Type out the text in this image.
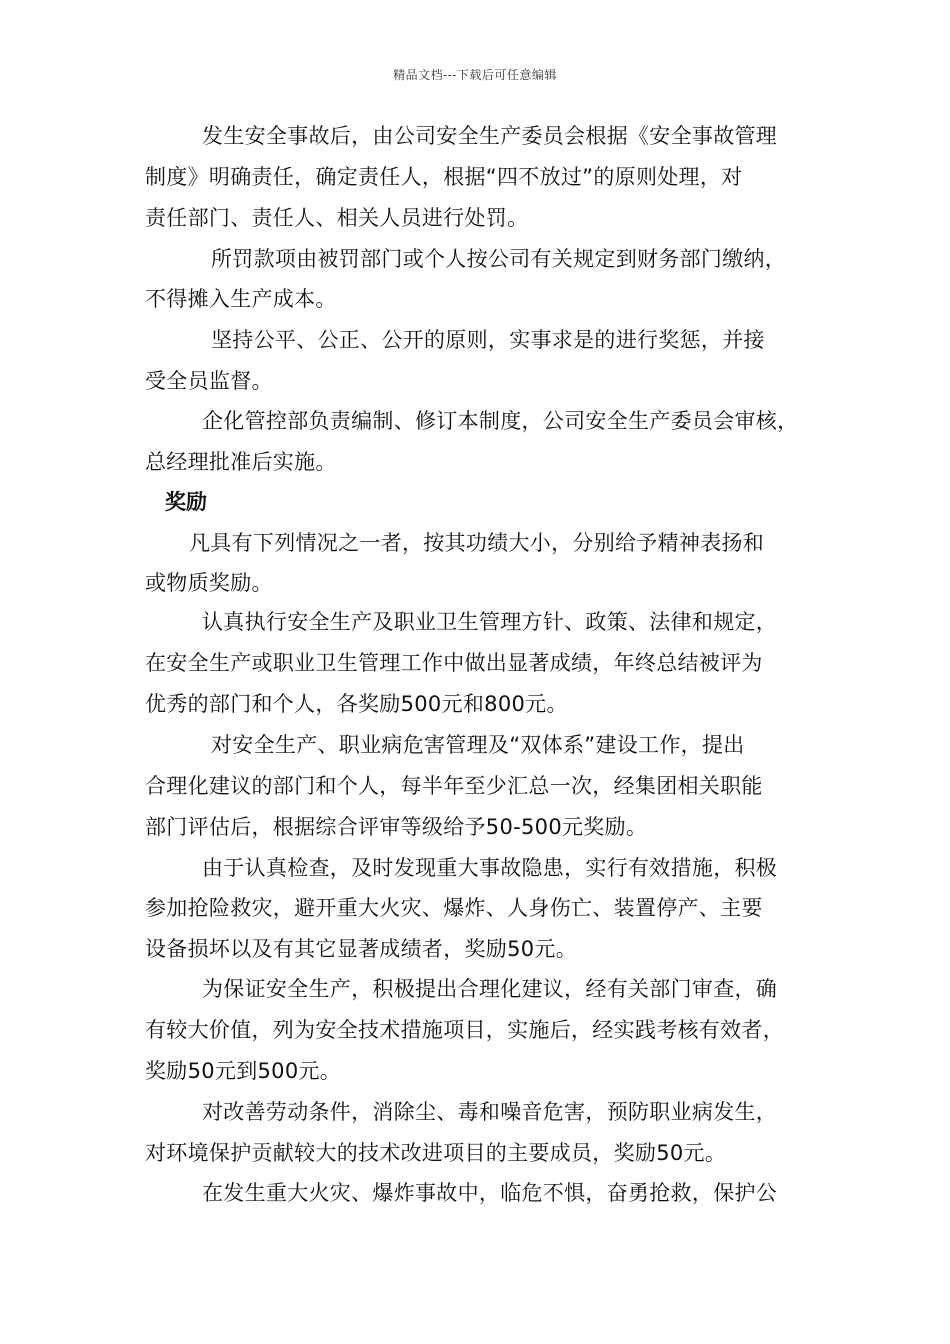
精品文档---下载后可任意编辑
发生安全事故后，由公司安全生产委员会根据《安全事故管理
制度》明确责任，确定责任人，根据“四不放过”的原则处理，对
责任部门、责任人、相关人员进行处罚。
所罚款项由被罚部门或个人按公司有关规定到财务部门缴纳，
不得摊入生产成本。
坚持公平、公正、公开的原则，实事求是的进行奖惩，并接
受全员监督。
企化管控部负责编制、修订本制度，公司安全生产委员会审核，
总经理批准后实施。
奖励
凡具有下列情况之一者，按其功绩大小，分别给予精神表扬和
或物质奖励。
认真执行安全生产及职业卫生管理方针、政策、法律和规定，
在安全生产或职业卫生管理工作中做出显著成绩，年终总结被评为
优秀的部门和个人，各奖励500元和800元。
对安全生产、职业病危害管理及“双体系”建设工作，提出
合理化建议的部门和个人，每半年至少汇总一次，经集团相关职能
部门评估后，根据综合评审等级给予50-500元奖励。
由于认真检查，及时发现重大事故隐患，实行有效措施，积极
参加抢险救灾，避开重大火灾、爆炸、人身伤亡、装置停产、主要
设备损坏以及有其它显著成绩者，奖励50元。
为保证安全生产，积极提出合理化建议，经有关部门审查，确
有较大价值，列为安全技术措施项目，实施后，经实践考核有效者，
奖励50元到500元。
对改善劳动条件，消除尘、毒和噪音危害，预防职业病发生，
对环境保护贡献较大的技术改进项目的主要成员，奖励50元。
在发生重大火灾、爆炸事故中，临危不惧，奋勇抢救，保护公
